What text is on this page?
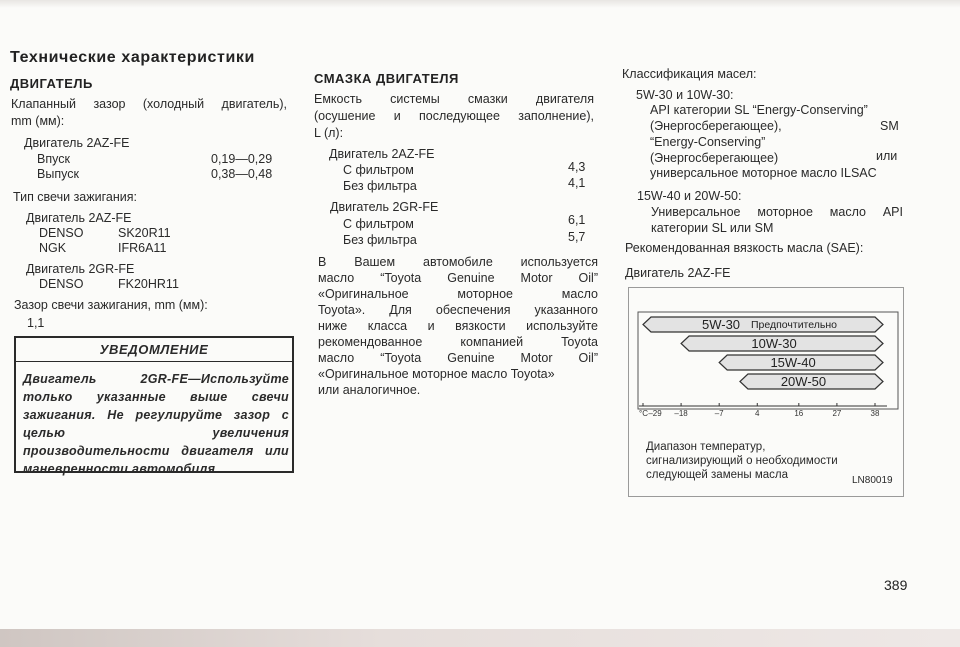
Технические характеристики
ДВИГАТЕЛЬ
Клапанный зазор (холодный двигатель),
mm (мм):
Двигатель 2AZ-FE
Впуск	0,19—0,29
Выпуск	0,38—0,48
Тип свечи зажигания:
Двигатель 2AZ-FE
DENSO	SK20R11
NGK	IFR6A11
Двигатель 2GR-FE
DENSO	FK20HR11
Зазор свечи зажигания, mm (мм):
1,1
УВЕДОМЛЕНИЕ
Двигатель 2GR-FE—Используйте
только указанные выше свечи
зажигания. Не регулируйте зазор с
целью увеличения
производительности двигателя или
маневренности автомобиля.
СМАЗКА ДВИГАТЕЛЯ
Емкость системы смазки двигателя
(осушение и последующее заполнение),
L (л):
Двигатель 2AZ-FE
С фильтром	4,3
Без фильтра	4,1
Двигатель 2GR-FE
С фильтром	6,1
Без фильтра	5,7
В Вашем автомобиле используется
масло “Toyota Genuine Motor Oil”
«Оригинальное моторное масло
Toyota». Для обеспечения указанного
ниже класса и вязкости используйте
рекомендованное компанией Toyota
масло “Toyota Genuine Motor Oil”
«Оригинальное моторное масло Toyota»
или аналогичное.
Классификация масел:
5W-30 и 10W-30:
API категории SL “Energy-Conserving”
(Энергосберегающее),	SM
“Energy-Conserving”
(Энергосберегающее)	или
универсальное моторное масло ILSAC
15W-40 и 20W-50:
Универсальное моторное масло API
категории SL или SM
Рекомендованная вязкость масла (SAE):
Двигатель 2AZ-FE
5W-30 Предпочтительно
10W-30
15W-40
20W-50
–29 –18	–7	4	16	27	38
°C
Диапазон температур,
сигнализирующий о необходимости
следующей замены масла	LN80019
389
